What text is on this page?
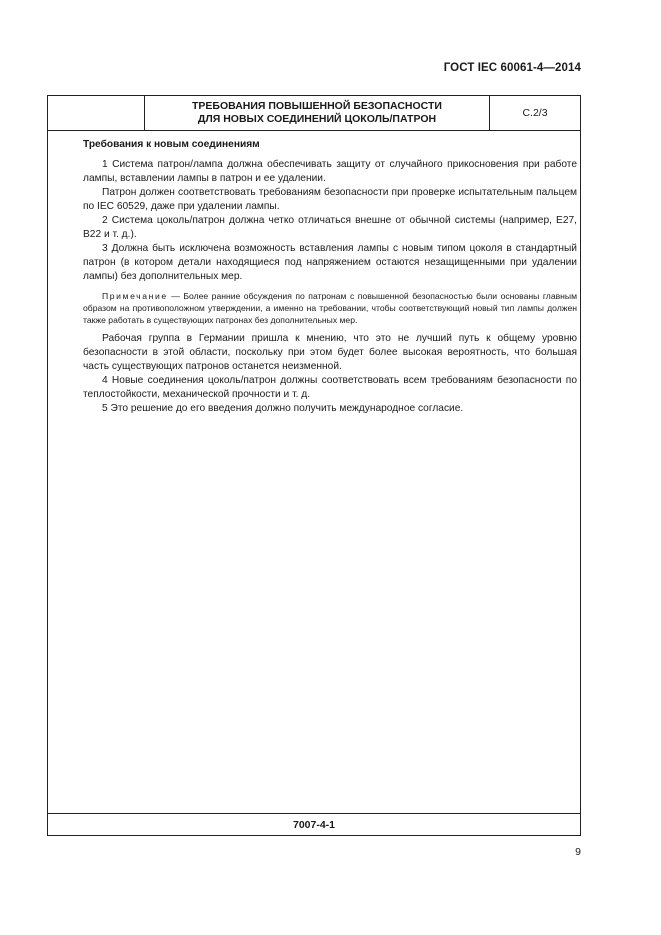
ГОСТ IEC 60061-4—2014
ТРЕБОВАНИЯ ПОВЫШЕННОЙ БЕЗОПАСНОСТИ
ДЛЯ НОВЫХ СОЕДИНЕНИЙ ЦОКОЛЬ/ПАТРОН	С.2/3

Требования к новым соединениям

1 Система патрон/лампа должна обеспечивать защиту от случайного прикосновения при работе лампы, вставлении лампы в патрон и ее удалении.

Патрон должен соответствовать требованиям безопасности при проверке испытательным пальцем по IEC 60529, даже при удалении лампы.

2 Система цоколь/патрон должна четко отличаться внешне от обычной системы (например, Е27, В22 и т. д.).

3 Должна быть исключена возможность вставления лампы с новым типом цоколя в стандартный патрон (в котором детали находящиеся под напряжением остаются незащищенными при удалении лампы) без дополнительных мер.

Примечание — Более ранние обсуждения по патронам с повышенной безопасностью были основаны главным образом на противоположном утверждении, а именно на требовании, чтобы соответствующий новый тип лампы должен также работать в существующих патронах без дополнительных мер.

Рабочая группа в Германии пришла к мнению, что это не лучший путь к общему уровню безопасности в этой области, поскольку при этом будет более высокая вероятность, что большая часть существующих патронов останется неизменной.

4 Новые соединения цоколь/патрон должны соответствовать всем требованиям безопасности по теплостойкости, механической прочности и т. д.

5 Это решение до его введения должно получить международное согласие.

7007-4-1
9
